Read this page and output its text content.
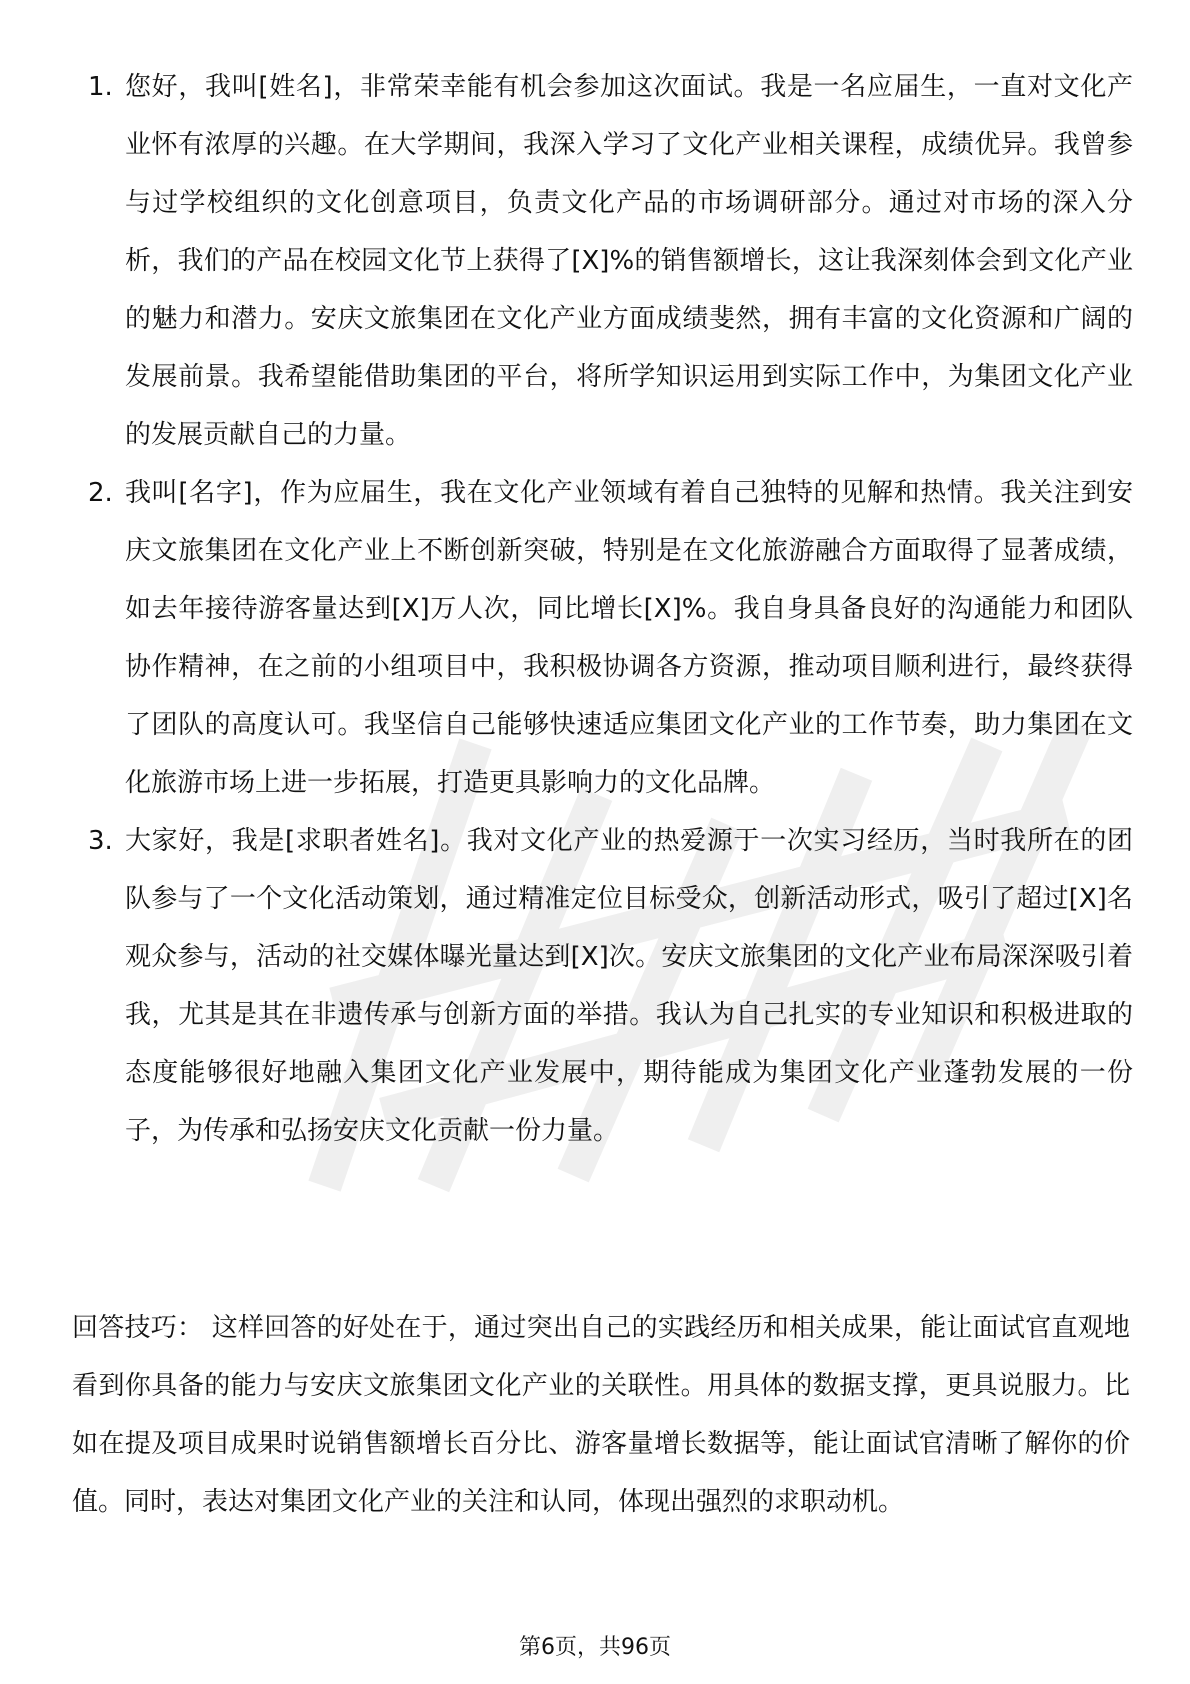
1. 您好，我叫[姓名]，非常荣幸能有机会参加这次面试。我是一名应届生，一直对文化产业怀有浓厚的兴趣。在大学期间，我深入学习了文化产业相关课程，成绩优异。我曾参与过学校组织的文化创意项目，负责文化产品的市场调研部分。通过对市场的深入分析，我们的产品在校园文化节上获得了[X]%的销售额增长，这让我深刻体会到文化产业的魅力和潜力。安庆文旅集团在文化产业方面成绩斐然，拥有丰富的文化资源和广阔的发展前景。我希望能借助集团的平台，将所学知识运用到实际工作中，为集团文化产业的发展贡献自己的力量。
2. 我叫[名字]，作为应届生，我在文化产业领域有着自己独特的见解和热情。我关注到安庆文旅集团在文化产业上不断创新突破，特别是在文化旅游融合方面取得了显著成绩，如去年接待游客量达到[X]万人次，同比增长[X]%。我自身具备良好的沟通能力和团队协作精神，在之前的小组项目中，我积极协调各方资源，推动项目顺利进行，最终获得了团队的高度认可。我坚信自己能够快速适应集团文化产业的工作节奏，助力集团在文化旅游市场上进一步拓展，打造更具影响力的文化品牌。
3. 大家好，我是[求职者姓名]。我对文化产业的热爱源于一次实习经历，当时我所在的团队参与了一个文化活动策划，通过精准定位目标受众，创新活动形式，吸引了超过[X]名观众参与，活动的社交媒体曝光量达到[X]次。安庆文旅集团的文化产业布局深深吸引着我，尤其是其在非遗传承与创新方面的举措。我认为自己扎实的专业知识和积极进取的态度能够很好地融入集团文化产业发展中，期待能成为集团文化产业蓬勃发展的一份子，为传承和弘扬安庆文化贡献一份力量。

回答技巧： 这样回答的好处在于，通过突出自己的实践经历和相关成果，能让面试官直观地看到你具备的能力与安庆文旅集团文化产业的关联性。用具体的数据支撑，更具说服力。比如在提及项目成果时说销售额增长百分比、游客量增长数据等，能让面试官清晰了解你的价值。同时，表达对集团文化产业的关注和认同，体现出强烈的求职动机。

第6页，共96页
